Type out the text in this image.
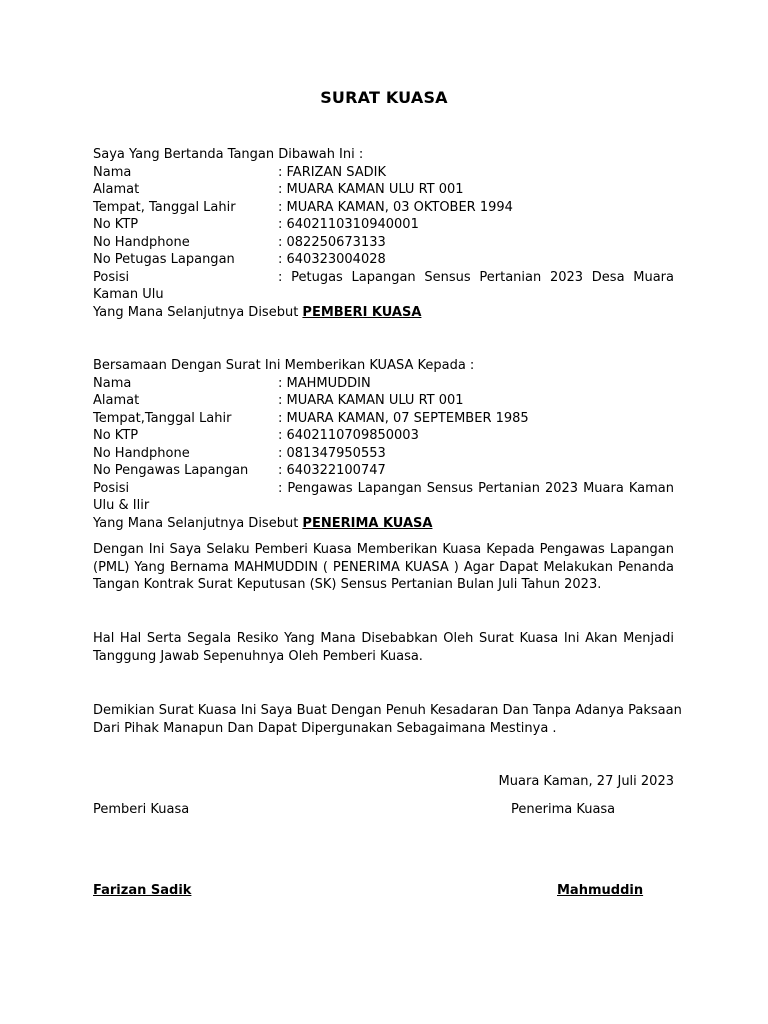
SURAT KUASA
Saya Yang Bertanda Tangan Dibawah Ini :
Nama	: FARIZAN SADIK
Alamat	: MUARA KAMAN ULU RT 001
Tempat, Tanggal Lahir	: MUARA KAMAN, 03 OKTOBER 1994
No KTP	: 6402110310940001
No Handphone	: 082250673133
No Petugas Lapangan	: 640323004028
Posisi	: Petugas Lapangan Sensus Pertanian 2023 Desa Muara
Kaman Ulu
Yang Mana Selanjutnya Disebut PEMBERI KUASA
Bersamaan Dengan Surat Ini Memberikan KUASA Kepada :
Nama	: MAHMUDDIN
Alamat	: MUARA KAMAN ULU RT 001
Tempat,Tanggal Lahir	: MUARA KAMAN, 07 SEPTEMBER 1985
No KTP	: 6402110709850003
No Handphone	: 081347950553
No Pengawas Lapangan : 640322100747
Posisi	: Pengawas Lapangan Sensus Pertanian 2023 Muara Kaman
Ulu & Ilir
Yang Mana Selanjutnya Disebut PENERIMA KUASA
Dengan Ini Saya Selaku Pemberi Kuasa Memberikan Kuasa Kepada Pengawas Lapangan
(PML) Yang Bernama MAHMUDDIN ( PENERIMA KUASA ) Agar Dapat Melakukan Penanda
Tangan Kontrak Surat Keputusan (SK) Sensus Pertanian Bulan Juli Tahun 2023.
Hal Hal Serta Segala Resiko Yang Mana Disebabkan Oleh Surat Kuasa Ini Akan Menjadi
Tanggung Jawab Sepenuhnya Oleh Pemberi Kuasa.
Demikian Surat Kuasa Ini Saya Buat Dengan Penuh Kesadaran Dan Tanpa Adanya Paksaan
Dari Pihak Manapun Dan Dapat Dipergunakan Sebagaimana Mestinya .
Muara Kaman, 27 Juli 2023
Pemberi Kuasa	Penerima Kuasa
Farizan Sadik	Mahmuddin
